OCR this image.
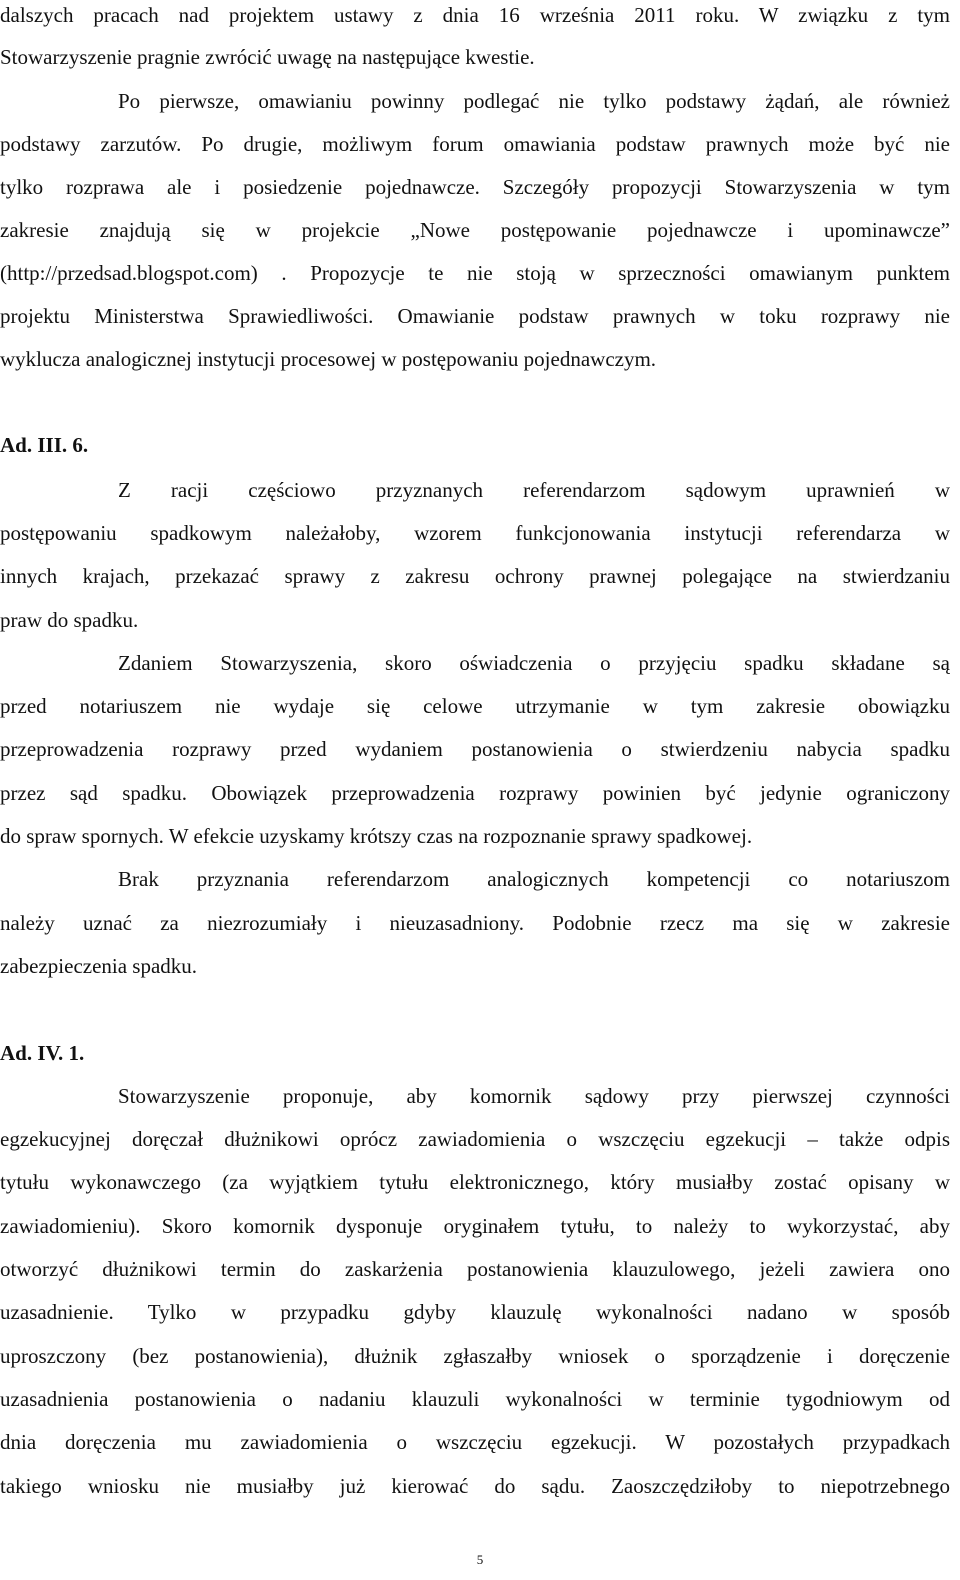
dalszych pracach nad projektem ustawy z dnia 16 września 2011 roku. W związku z tym
Stowarzyszenie pragnie zwrócić uwagę na następujące kwestie.
Po pierwsze, omawianiu powinny podlegać nie tylko podstawy żądań, ale również
podstawy zarzutów. Po drugie, możliwym forum omawiania podstaw prawnych może być nie
tylko rozprawa ale i posiedzenie pojednawcze. Szczegóły propozycji Stowarzyszenia w tym
zakresie znajdują się w projekcie „Nowe postępowanie pojednawcze i upominawcze”
(http://przedsad.blogspot.com) . Propozycje te nie stoją w sprzeczności omawianym punktem
projektu Ministerstwa Sprawiedliwości. Omawianie podstaw prawnych w toku rozprawy nie
wyklucza analogicznej instytucji procesowej w postępowaniu pojednawczym.
Ad. III. 6.
Z racji częściowo przyznanych referendarzom sądowym uprawnień w
postępowaniu spadkowym należałoby, wzorem funkcjonowania instytucji referendarza w
innych krajach, przekazać sprawy z zakresu ochrony prawnej polegające na stwierdzaniu
praw do spadku.
Zdaniem Stowarzyszenia, skoro oświadczenia o przyjęciu spadku składane są
przed notariuszem nie wydaje się celowe utrzymanie w tym zakresie obowiązku
przeprowadzenia rozprawy przed wydaniem postanowienia o stwierdzeniu nabycia spadku
przez sąd spadku. Obowiązek przeprowadzenia rozprawy powinien być jedynie ograniczony
do spraw spornych. W efekcie uzyskamy krótszy czas na rozpoznanie sprawy spadkowej.
Brak przyznania referendarzom analogicznych kompetencji co notariuszom
należy uznać za niezrozumiały i nieuzasadniony. Podobnie rzecz ma się w zakresie
zabezpieczenia spadku.
Ad. IV. 1.
Stowarzyszenie proponuje, aby komornik sądowy przy pierwszej czynności
egzekucyjnej doręczał dłużnikowi oprócz zawiadomienia o wszczęciu egzekucji – także odpis
tytułu wykonawczego (za wyjątkiem tytułu elektronicznego, który musiałby zostać opisany w
zawiadomieniu). Skoro komornik dysponuje oryginałem tytułu, to należy to wykorzystać, aby
otworzyć dłużnikowi termin do zaskarżenia postanowienia klauzulowego, jeżeli zawiera ono
uzasadnienie. Tylko w przypadku gdyby klauzulę wykonalności nadano w sposób
uproszczony (bez postanowienia), dłużnik zgłaszałby wniosek o sporządzenie i doręczenie
uzasadnienia postanowienia o nadaniu klauzuli wykonalności w terminie tygodniowym od
dnia doręczenia mu zawiadomienia o wszczęciu egzekucji. W pozostałych przypadkach
takiego wniosku nie musiałby już kierować do sądu. Zaoszczędziłoby to niepotrzebnego
5
